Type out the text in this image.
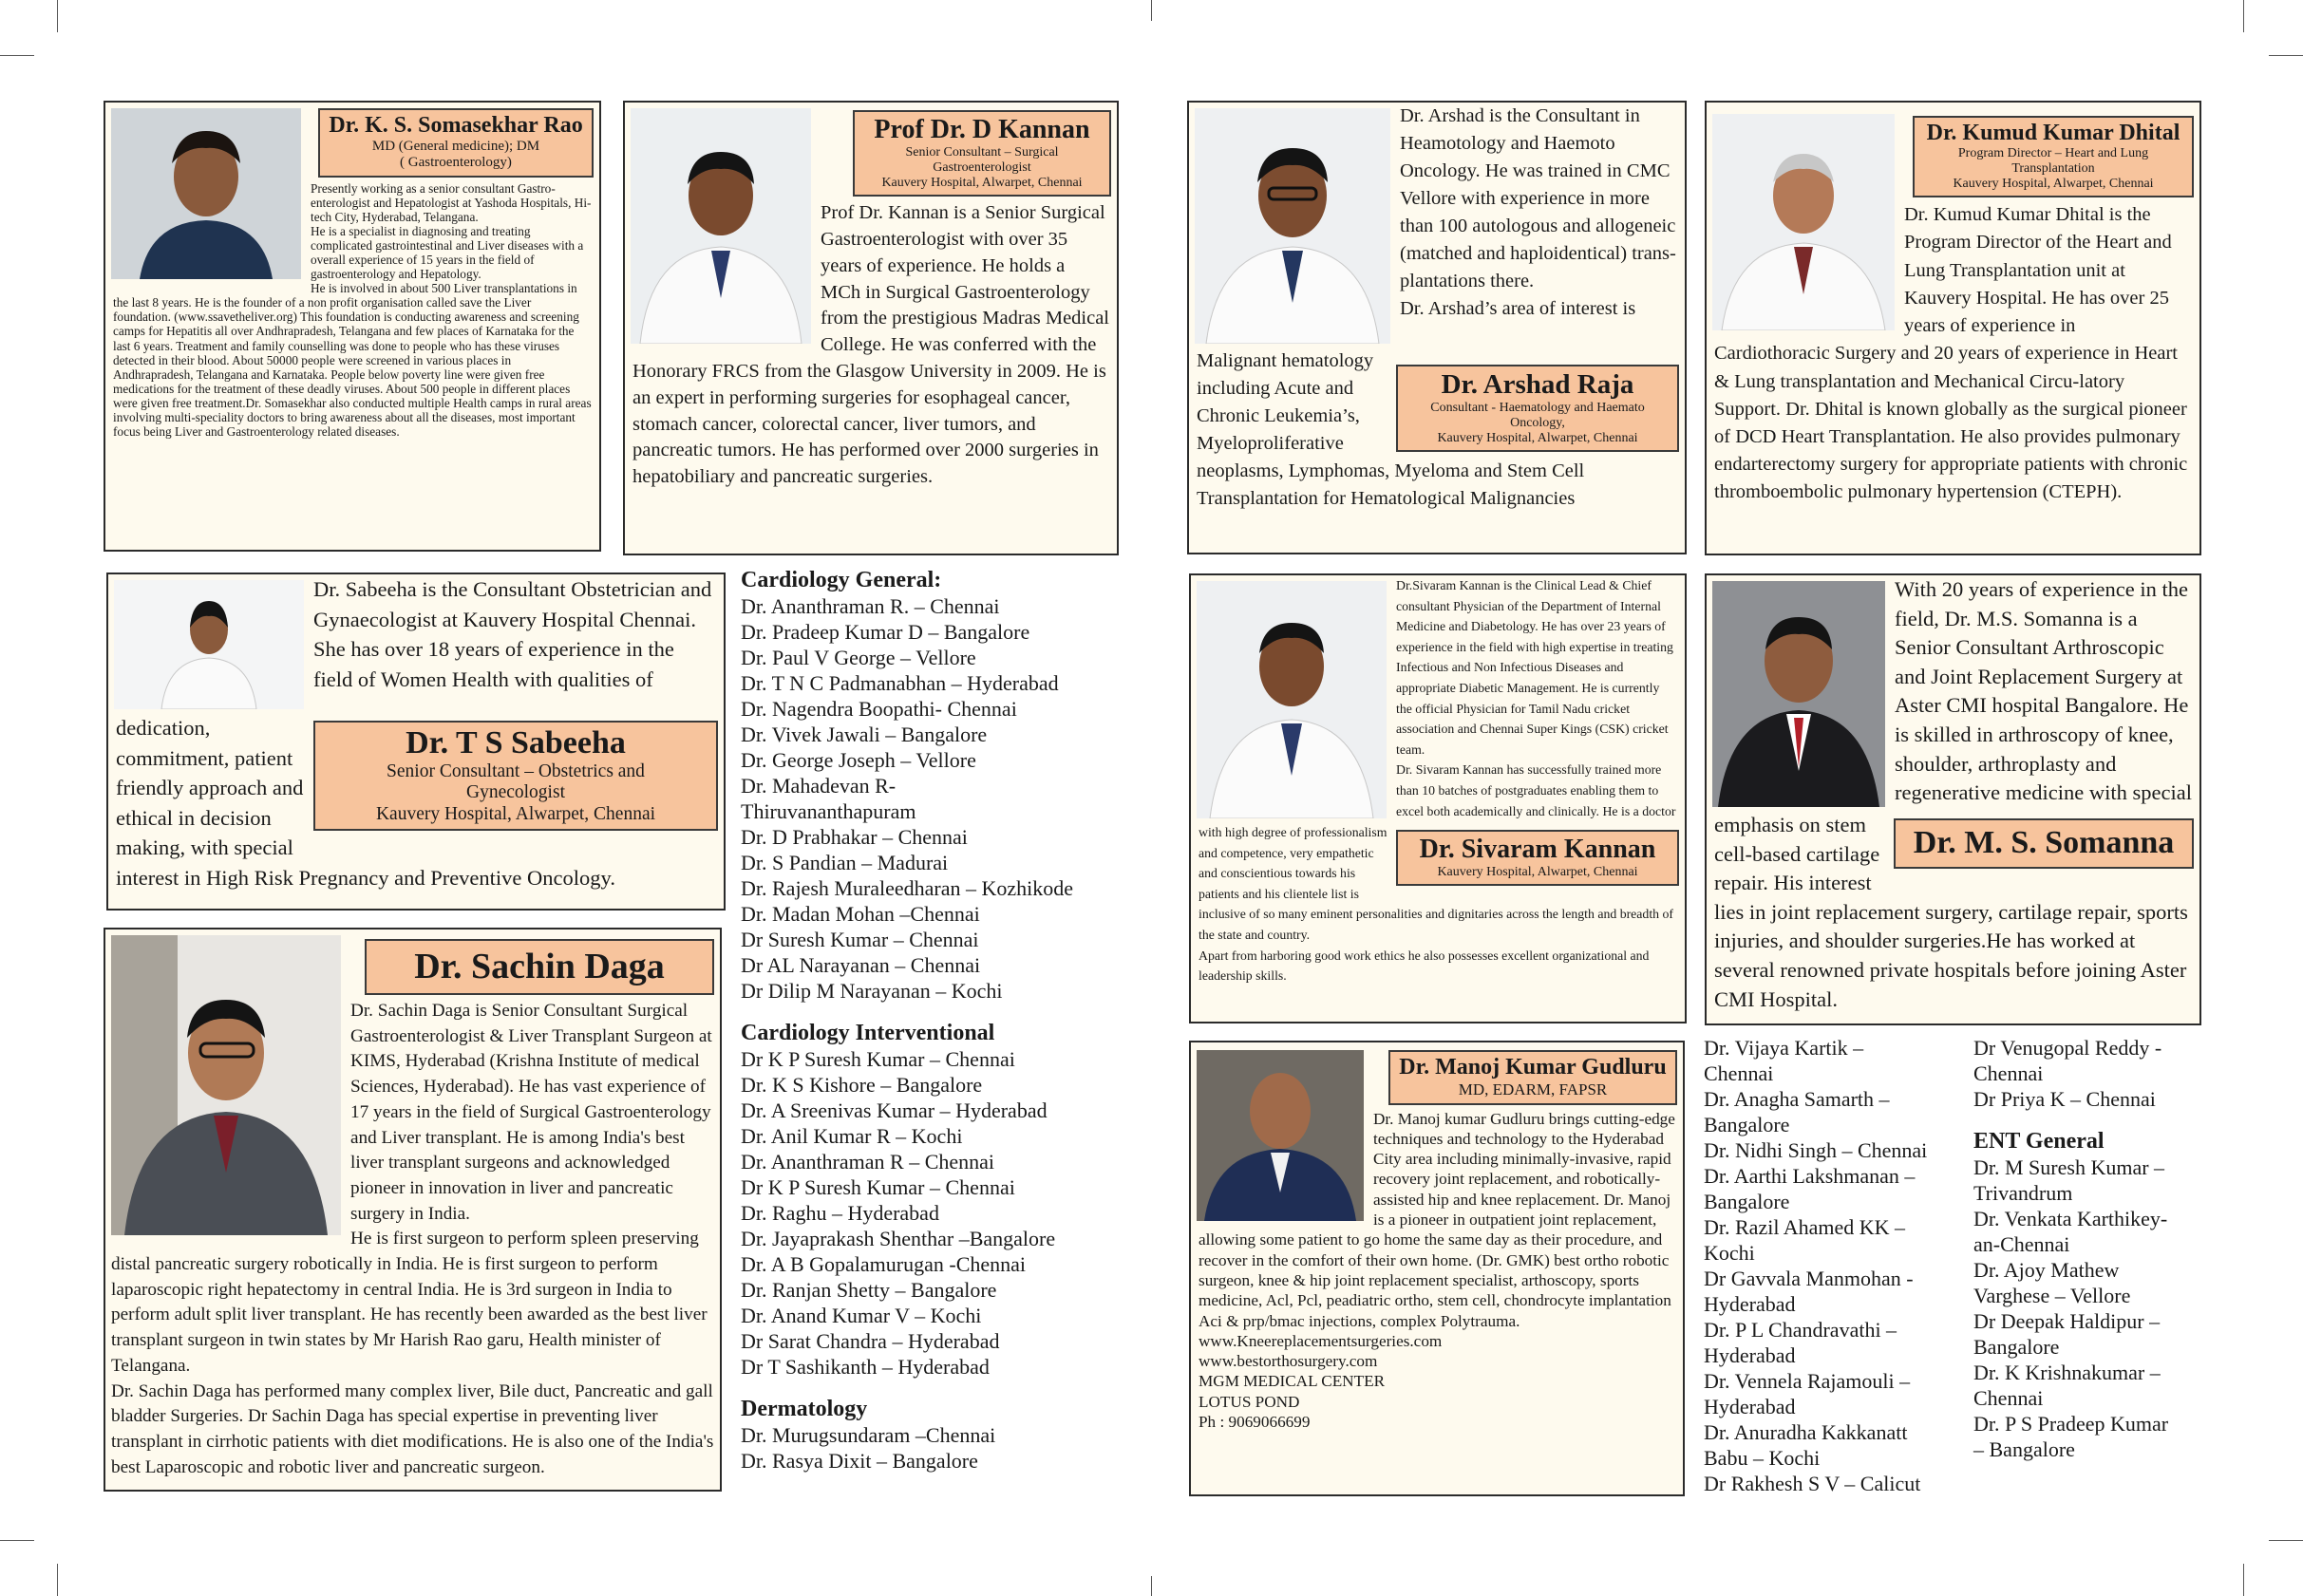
Dr. K. S. Somasekhar Rao
MD (General medicine); DM
( Gastroenterology)

Presently working as a senior consultant Gastro-enterologist and Hepatologist at Yashoda Hospitals, Hi-tech City, Hyderabad, Telangana.

He is a specialist in diagnosing and treating complicated gastrointestinal and Liver diseases with a overall experience of 15 years in the field of gastroenterology and Hepatology.

He is involved in about 500 Liver transplantations in the last 8 years. He is the founder of a non profit organisation called save the Liver foundation. (www.ssavetheliver.org) This foundation is conducting awareness and screening camps for Hepatitis all over Andhrapradesh, Telangana and few places of Karnataka for the last 6 years. Treatment and family counselling was done to people who has these viruses detected in their blood. About 50000 people were screened in various places in Andhrapradesh, Telangana and Karnataka. People below poverty line were given free medications for the treatment of these deadly viruses. About 500 people in different places were given free treatment.Dr. Somasekhar also conducted multiple Health camps in rural areas involving multi-speciality doctors to bring awareness about all the diseases, most important focus being Liver and Gastroenterology related diseases.

Prof Dr. D Kannan
Senior Consultant – Surgical Gastroenterologist
Kauvery Hospital, Alwarpet, Chennai

Prof Dr. Kannan is a Senior Surgical Gastroenterologist with over 35 years of experience. He holds a MCh in Surgical Gastroenterology from the prestigious Madras Medical College. He was conferred with the Honorary FRCS from the Glasgow University in 2009. He is an expert in performing surgeries for esophageal cancer, stomach cancer, colorectal cancer, liver tumors, and pancreatic tumors. He has performed over 2000 surgeries in hepatobiliary and pancreatic surgeries.

Dr. Arshad Raja
Consultant - Haematology and Haemato Oncology,
Kauvery Hospital, Alwarpet, Chennai

Dr. Arshad is the Consultant in Heamotology and Haemoto Oncology. He was trained in CMC Vellore with experience in more than 100 autologous and allogeneic (matched and haploidentical) trans-plantations there.

Dr. Arshad’s area of interest is Malignant hematology including Acute and Chronic Leukemia’s, Myeloproliferative neoplasms, Lymphomas, Myeloma and Stem Cell Transplantation for Hematological Malignancies

Dr. Kumud Kumar Dhital
Program Director – Heart and Lung Transplantation
Kauvery Hospital, Alwarpet, Chennai

Dr. Kumud Kumar Dhital is the Program Director of the Heart and Lung Transplantation unit at Kauvery Hospital. He has over 25 years of experience in Cardiothoracic Surgery and 20 years of experience in Heart & Lung transplantation and Mechanical Circu-latory Support. Dr. Dhital is known globally as the surgical pioneer of DCD Heart Transplantation. He also provides pulmonary endarterectomy surgery for appropriate patients with chronic thromboembolic pulmonary hypertension (CTEPH).

Dr. T S Sabeeha
Senior Consultant – Obstetrics and Gynecologist
Kauvery Hospital, Alwarpet, Chennai

Dr. Sabeeha is the Consultant Obstetrician and Gynaecologist at Kauvery Hospital Chennai. She has over 18 years of experience in the field of Women Health with qualities of dedication, commitment, patient friendly approach and ethical in decision making, with special interest in High Risk Pregnancy and Preventive Oncology.

Dr. Sachin Daga

Dr. Sachin Daga is Senior Consultant Surgical Gastroenterologist & Liver Transplant Surgeon at KIMS, Hyderabad (Krishna Institute of medical Sciences, Hyderabad). He has vast experience of 17 years in the field of Surgical Gastroenterology and Liver transplant. He is among India's best liver transplant surgeons and acknowledged pioneer in innovation in liver and pancreatic surgery in India.

He is first surgeon to perform spleen preserving distal pancreatic surgery robotically in India. He is first surgeon to perform laparoscopic right hepatectomy in central India. He is 3rd surgeon in India to perform adult split liver transplant. He has recently been awarded as the best liver transplant surgeon in twin states by Mr Harish Rao garu, Health minister of Telangana.

Dr. Sachin Daga has performed many complex liver, Bile duct, Pancreatic and gall bladder Surgeries. Dr Sachin Daga has special expertise in preventing liver transplant in cirrhotic patients with diet modifications. He is also one of the India's best Laparoscopic and robotic liver and pancreatic surgeon.

Dr. Sivaram Kannan
Kauvery Hospital, Alwarpet, Chennai

Dr.Sivaram Kannan is the Clinical Lead & Chief consultant Physician of the Department of Internal Medicine and Diabetology. He has over 23 years of experience in the field with high expertise in treating Infectious and Non Infectious Diseases and appropriate Diabetic Management. He is currently the official Physician for Tamil Nadu cricket association and Chennai Super Kings (CSK) cricket team.

Dr. Sivaram Kannan has successfully trained more than 10 batches of postgraduates enabling them to excel both academically and clinically. He is a doctor with high degree of professionalism and competence, very empathetic and conscientious towards his patients and his clientele list is inclusive of so many eminent personalities and dignitaries across the length and breadth of the state and country.

Apart from harboring good work ethics he also possesses excellent organizational and leadership skills.

Dr. M. S. Somanna

With 20 years of experience in the field, Dr. M.S. Somanna is a Senior Consultant Arthroscopic and Joint Replacement Surgery at Aster CMI hospital Bangalore. He is skilled in arthroscopy of knee, shoulder, arthroplasty and regenerative medicine with special emphasis on stem cell-based cartilage repair. His interest lies in joint replacement surgery, cartilage repair, sports injuries, and shoulder surgeries.He has worked at several renowned private hospitals before joining Aster CMI Hospital.

Dr. Manoj Kumar Gudluru
MD, EDARM, FAPSR

Dr. Manoj kumar Gudluru brings cutting-edge techniques and technology to the Hyderabad City area including minimally-invasive, rapid recovery joint replacement, and robotically-assisted hip and knee replacement. Dr. Manoj is a pioneer in outpatient joint replacement, allowing some patient to go home the same day as their procedure, and recover in the comfort of their own home. (Dr. GMK) best ortho robotic surgeon, knee & hip joint replacement specialist, arthoscopy, sports medicine, Acl, Pcl, peadiatric ortho, stem cell, chondrocyte implantation Aci & prp/bmac injections, complex Polytrauma.

www.Kneereplacementsurgeries.com

www.bestorthosurgery.com

MGM MEDICAL CENTER

LOTUS POND

Ph : 9069066699

Cardiology General:
Dr. Ananthraman R. – Chennai
Dr. Pradeep Kumar D – Bangalore
Dr. Paul V George – Vellore
Dr. T N C Padmanabhan – Hyderabad
Dr. Nagendra Boopathi- Chennai
Dr. Vivek Jawali – Bangalore
Dr. George Joseph – Vellore
Dr. Mahadevan R-
Thiruvananthapuram
Dr. D Prabhakar – Chennai
Dr. S Pandian – Madurai
Dr. Rajesh Muraleedharan – Kozhikode
Dr. Madan Mohan –Chennai
Dr Suresh Kumar – Chennai
Dr AL Narayanan – Chennai
Dr Dilip M Narayanan – Kochi
Cardiology Interventional
Dr K P Suresh Kumar – Chennai
Dr. K S Kishore – Bangalore
Dr. A Sreenivas Kumar – Hyderabad
Dr. Anil Kumar R – Kochi
Dr. Ananthraman R – Chennai
Dr K P Suresh Kumar – Chennai
Dr. Raghu – Hyderabad
Dr. Jayaprakash Shenthar –Bangalore
Dr. A B Gopalamurugan -Chennai
Dr. Ranjan Shetty – Bangalore
Dr. Anand Kumar V – Kochi
Dr Sarat Chandra – Hyderabad
Dr T Sashikanth – Hyderabad
Dermatology
Dr. Murugsundaram –Chennai
Dr. Rasya Dixit – Bangalore
Dr. Vijaya Kartik –
Chennai
Dr. Anagha Samarth –
Bangalore
Dr. Nidhi Singh – Chennai
Dr. Aarthi Lakshmanan –
Bangalore
Dr. Razil Ahamed KK –
Kochi
Dr Gavvala Manmohan -
Hyderabad
Dr. P L Chandravathi –
Hyderabad
Dr. Vennela Rajamouli –
Hyderabad
Dr. Anuradha Kakkanatt
Babu – Kochi
Dr Rakhesh S V – Calicut
Dr Venugopal Reddy -
Chennai
Dr Priya K – Chennai
ENT General
Dr. M Suresh Kumar –
Trivandrum
Dr. Venkata Karthikey-
an-Chennai
Dr. Ajoy Mathew
Varghese – Vellore
Dr Deepak Haldipur –
Bangalore
Dr. K Krishnakumar –
Chennai
Dr. P S Pradeep Kumar
– Bangalore
